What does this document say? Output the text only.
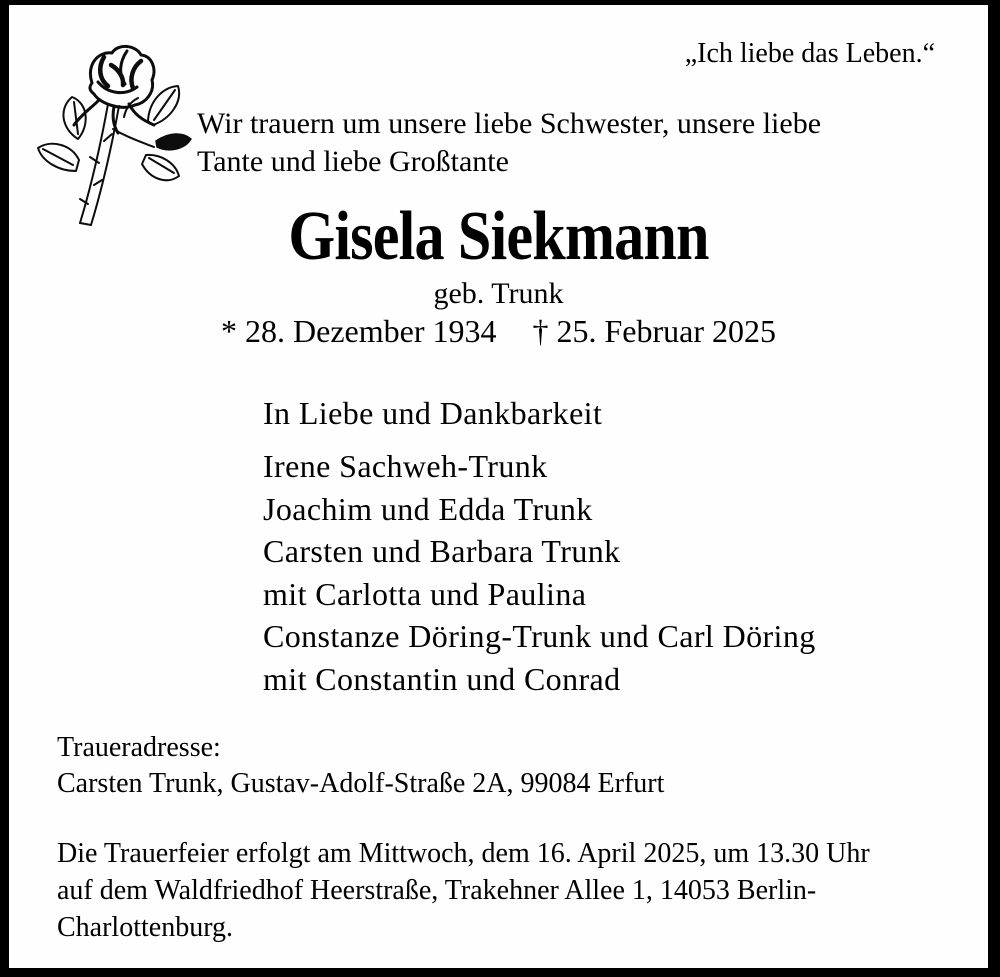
„Ich liebe das Leben.“
Wir trauern um unsere liebe Schwester, unsere liebe
Tante und liebe Großtante
Gisela Siekmann
geb. Trunk
* 28. Dezember 1934 † 25. Februar 2025
In Liebe und Dankbarkeit
Irene Sachweh-Trunk
Joachim und Edda Trunk
Carsten und Barbara Trunk
mit Carlotta und Paulina
Constanze Döring-Trunk und Carl Döring
mit Constantin und Conrad
Traueradresse:
Carsten Trunk, Gustav-Adolf-Straße 2A, 99084 Erfurt
Die Trauerfeier erfolgt am Mittwoch, dem 16. April 2025, um 13.30 Uhr
auf dem Waldfriedhof Heerstraße, Trakehner Allee 1, 14053 Berlin-
Charlottenburg.
